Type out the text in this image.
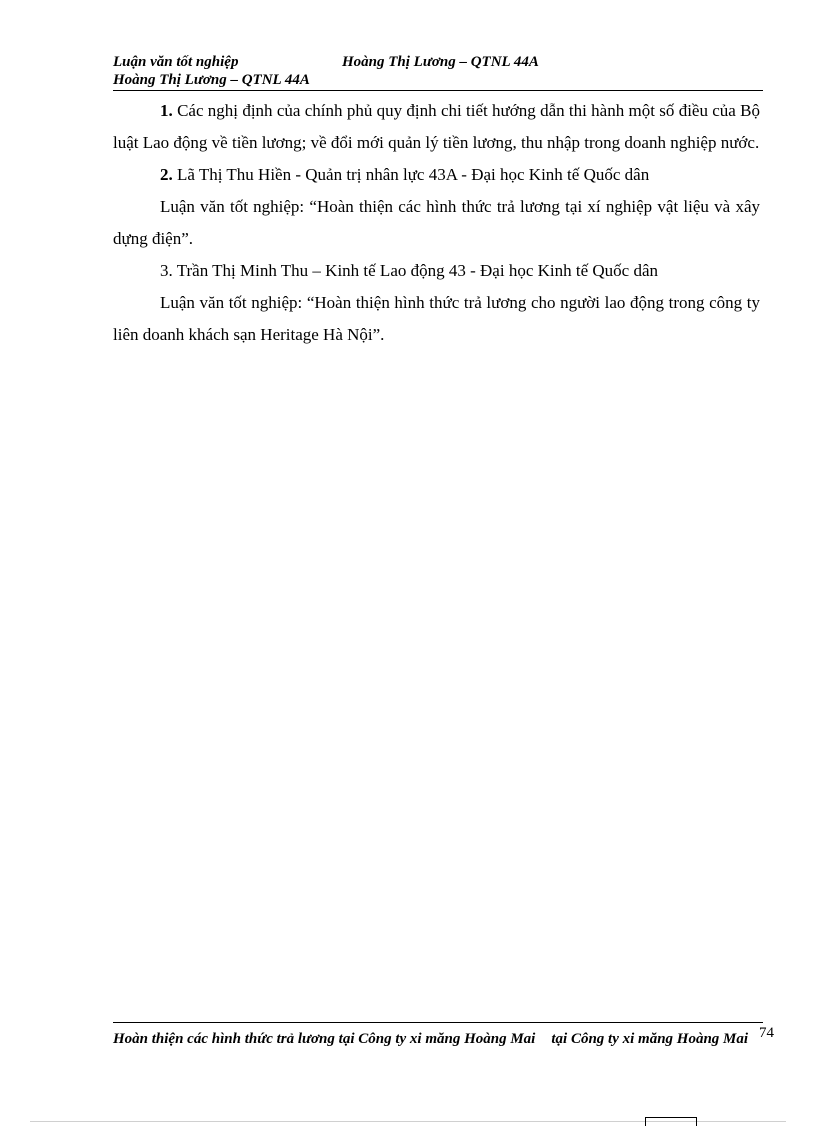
Luận văn tốt nghiệp	Hoàng Thị Lương – QTNL 44A
Hoàng Thị Lương – QTNL 44A

1. Các nghị định của chính phủ quy định chi tiết hướng dẫn thi hành một số điều của Bộ luật Lao động về tiền lương; về đổi mới quản lý tiền lương, thu nhập trong doanh nghiệp nước.

2. Lã Thị Thu Hiền - Quản trị nhân lực 43A - Đại học Kinh tế Quốc dân

Luận văn tốt nghiệp: “Hoàn thiện các hình thức trả lương tại xí nghiệp vật liệu và xây dựng điện”.

3. Trần Thị Minh Thu – Kinh tế Lao động 43 - Đại học Kinh tế Quốc dân

Luận văn tốt nghiệp: “Hoàn thiện hình thức trả lương cho người lao động trong công ty liên doanh khách sạn Heritage Hà Nội”.

Hoàn thiện các hình thức trả lương tại Công ty xi măng Hoàng Mai tại Công ty xi măng Hoàng Mai 74
